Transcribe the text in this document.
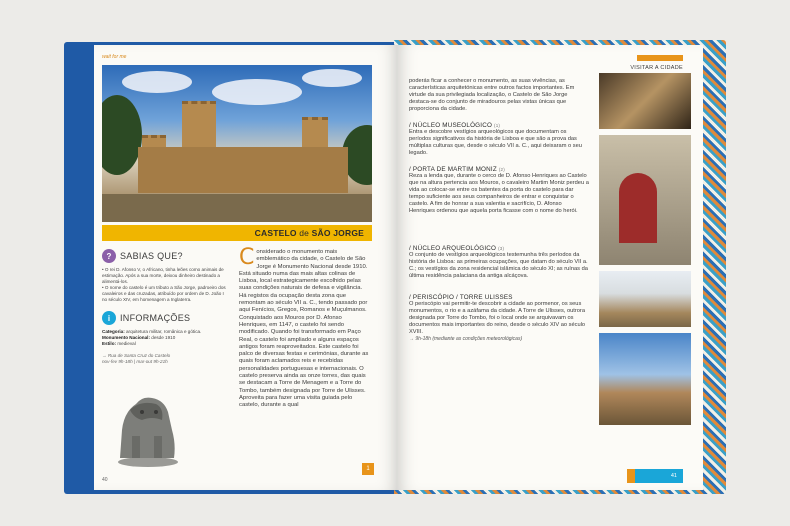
wait for me
CASTELO de SÃO JORGE
? SABIAS QUE?
• O rei D. Afonso V, o Africano, tinha leões como animais de estimação. Após a sua morte, deixou dinheiro destinado a alimentá-los.
• O nome do castelo é um tributo a São Jorge, padroeiro dos cavaleiros e das cruzadas, atribuído por ordem de D. João I no século XIV, em homenagem a Inglaterra.
i	INFORMAÇÕES
Categoria: arquitetura militar, românica e gótica.
Monumento Nacional: desde 1910
Estilo: medieval
→ Rua de Santa Cruz do Castelo
nov-fev 9h-18h | mar-out 9h-21h
40
C onsiderado o monumento mais emblemático da cidade, o Castelo de São Jorge é Monumento Nacional desde 1910. Está situado numa das mais altas colinas de Lisboa, local estrategicamente escolhido pelas suas condições naturais de defesa e vigilância. Há registos da ocupação desta zona que remontam ao século VII a. C., tendo passado por aqui Fenícios, Gregos, Romanos e Muçulmanos. Conquistado aos Mouros por D. Afonso Henriques, em 1147, o castelo foi sendo modificado. Quando foi transformado em Paço Real, o castelo foi ampliado e alguns espaços antigos foram reaproveitados. Este castelo foi palco de diversas festas e cerimónias, durante as quais foram aclamados reis e recebidas personalidades portuguesas e internacionais. O castelo preserva ainda as onze torres, das quais se destacam a Torre de Menagem e a Torre do Tombo, também designada por Torre de Ulisses. Aproveita para fazer uma visita guiada pelo castelo, durante a qual
1
VISITAR A CIDADE
poderás ficar a conhecer o monumento, as suas vivências, as características arquitetónicas entre outros factos importantes. Em virtude da sua privilegiada localização, o Castelo de São Jorge destaca-se do conjunto de miradouros pelas vistas únicas que proporciona da cidade.
/ NÚCLEO MUSEOLÓGICO (1)
Entra e descobre vestígios arqueológicos que documentam os períodos significativos da história de Lisboa e que são a prova das múltiplas culturas que, desde o século VII a. C., aqui deixaram o seu legado.
/ PORTA DE MARTIM MONIZ (2)
Reza a lenda que, durante o cerco de D. Afonso Henriques ao Castelo que na altura pertencia aos Mouros, o cavaleiro Martim Moniz perdeu a vida ao colocar-se entre os batentes da porta do castelo para dar tempo suficiente aos seus companheiros de entrar e conquistar o castelo. A fim de honrar a sua valentia e sacrifício, D. Afonso Henriques ordenou que aquela porta ficasse com o nome do herói.
/ NÚCLEO ARQUEOLÓGICO (3)
O conjunto de vestígios arqueológicos testemunha três períodos da história de Lisboa: as primeiras ocupações, que datam do século VII a. C.; os vestígios da zona residencial islâmica do século XI; as ruínas da última residência palaciana da antiga alcáçova.
/ PERISCÓPIO / TORRE ULISSES
O periscópio vai permitir-te descobrir a cidade ao pormenor, os seus monumentos, o rio e a azáfama da cidade. A Torre de Ulisses, outrora designada por Torre do Tombo, foi o local onde se arquivavam os documentos mais importantes do reino, desde o século XIV ao século XVIII.
→ 9h-18h (mediante as condições meteorológicas)
41
